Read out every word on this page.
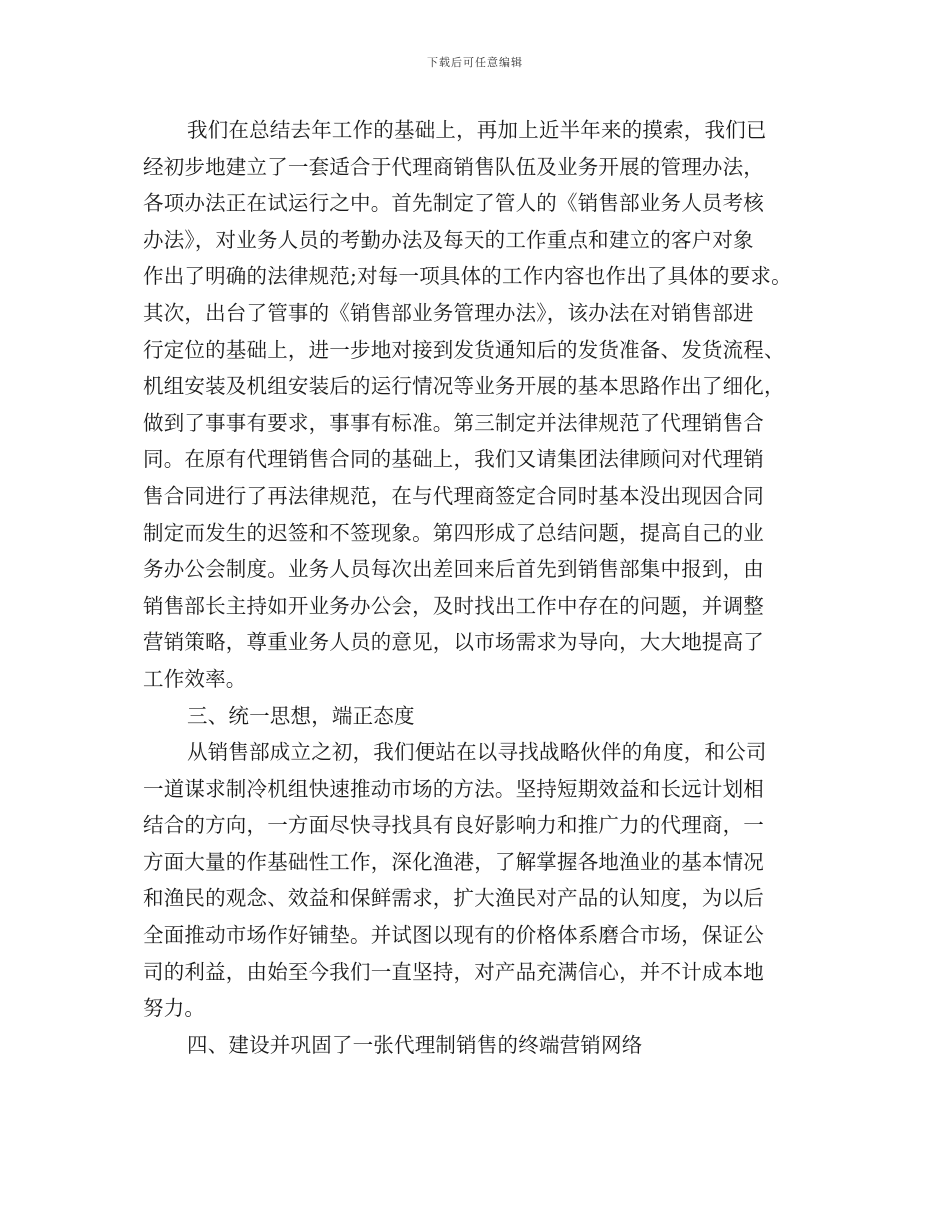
下载后可任意编辑
我们在总结去年工作的基础上，再加上近半年来的摸索，我们已
经初步地建立了一套适合于代理商销售队伍及业务开展的管理办法，
各项办法正在试运行之中。首先制定了管人的《销售部业务人员考核
办法》，对业务人员的考勤办法及每天的工作重点和建立的客户对象
作出了明确的法律规范;对每一项具体的工作内容也作出了具体的要求。
其次，出台了管事的《销售部业务管理办法》，该办法在对销售部进
行定位的基础上，进一步地对接到发货通知后的发货准备、发货流程、
机组安装及机组安装后的运行情况等业务开展的基本思路作出了细化，
做到了事事有要求，事事有标准。第三制定并法律规范了代理销售合
同。在原有代理销售合同的基础上，我们又请集团法律顾问对代理销
售合同进行了再法律规范，在与代理商签定合同时基本没出现因合同
制定而发生的迟签和不签现象。第四形成了总结问题，提高自己的业
务办公会制度。业务人员每次出差回来后首先到销售部集中报到，由
销售部长主持如开业务办公会，及时找出工作中存在的问题，并调整
营销策略，尊重业务人员的意见，以市场需求为导向，大大地提高了
工作效率。
三、统一思想，端正态度
从销售部成立之初，我们便站在以寻找战略伙伴的角度，和公司
一道谋求制冷机组快速推动市场的方法。坚持短期效益和长远计划相
结合的方向，一方面尽快寻找具有良好影响力和推广力的代理商，一
方面大量的作基础性工作，深化渔港，了解掌握各地渔业的基本情况
和渔民的观念、效益和保鲜需求，扩大渔民对产品的认知度，为以后
全面推动市场作好铺垫。并试图以现有的价格体系磨合市场，保证公
司的利益，由始至今我们一直坚持，对产品充满信心，并不计成本地
努力。
四、建设并巩固了一张代理制销售的终端营销网络
